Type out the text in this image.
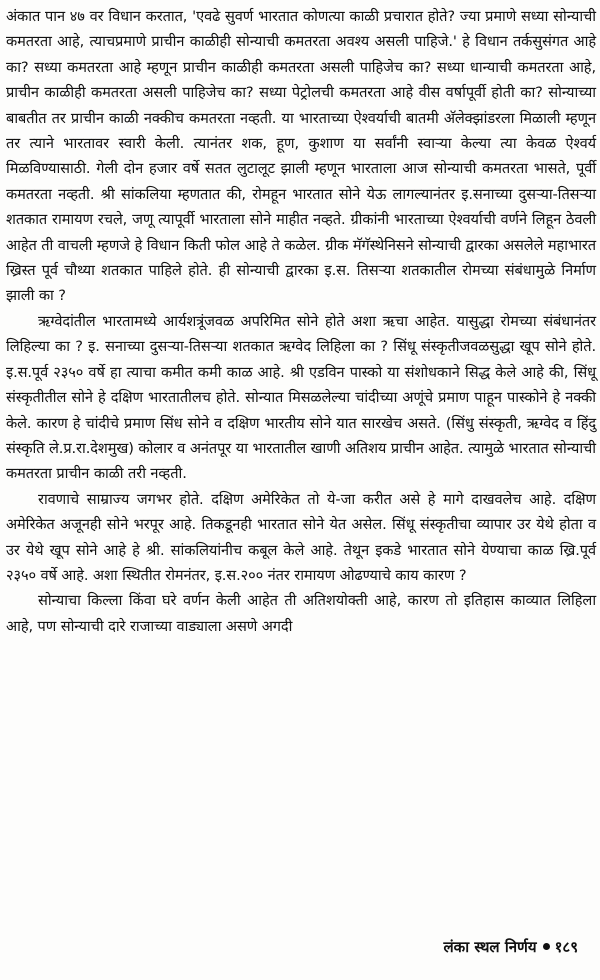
अंकात पान ४७ वर विधान करतात, 'एवढे सुवर्ण भारतात कोणत्या काळी प्रचारात होते? ज्या प्रमाणे सध्या सोन्याची कमतरता आहे, त्याचप्रमाणे प्राचीन काळीही सोन्याची कमतरता अवश्य असली पाहिजे.' हे विधान तर्कसुसंगत आहे का? सध्या कमतरता आहे म्हणून प्राचीन काळीही कमतरता असली पाहिजेच का? सध्या धान्याची कमतरता आहे, प्राचीन काळीही कमतरता असली पाहिजेच का? सध्या पेट्रोलची कमतरता आहे वीस वर्षापूर्वी होती का? सोन्याच्या बाबतीत तर प्राचीन काळी नक्कीच कमतरता नव्हती. या भारताच्या ऐश्वर्याची बातमी अ‍ॅलेक्झांडरला मिळाली म्हणून तर त्याने भारतावर स्वारी केली. त्यानंतर शक, हूण, कुशाण या सर्वांनी स्वाऱ्या केल्या त्या केवळ ऐश्वर्य मिळविण्यासाठी. गेली दोन हजार वर्षे सतत लुटालूट झाली म्हणून भारताला आज सोन्याची कमतरता भासते, पूर्वी कमतरता नव्हती. श्री सांकलिया म्हणतात की, रोमहून भारतात सोने येऊ लागल्यानंतर इ.सनाच्या दुसऱ्या-तिसऱ्या शतकात रामायण रचले, जणू त्यापूर्वी भारताला सोने माहीत नव्हते. ग्रीकांनी भारताच्या ऐश्वर्याची वर्णने लिहून ठेवली आहेत ती वाचली म्हणजे हे विधान किती फोल आहे ते कळेल. ग्रीक मॅगॅस्थेनिसने सोन्याची द्वारका असलेले महाभारत ख्रिस्त पूर्व चौथ्या शतकात पाहिले होते. ही सोन्याची द्वारका इ.स. तिसऱ्या शतकातील रोमच्या संबंधामुळे निर्माण झाली का ?

ऋग्वेदांतील भारतामध्ये आर्यशत्रूंजवळ अपरिमित सोने होते अशा ऋचा आहेत. यासुद्धा रोमच्या संबंधानंतर लिहिल्या का ? इ. सनाच्या दुसऱ्या-तिसऱ्या शतकात ऋग्वेद लिहिला का ? सिंधू संस्कृतीजवळसुद्धा खूप सोने होते. इ.स.पूर्व २३५० वर्षे हा त्याचा कमीत कमी काळ आहे. श्री एडविन पास्को या संशोधकाने सिद्ध केले आहे की, सिंधू संस्कृतीतील सोने हे दक्षिण भारतातीलच होते. सोन्यात मिसळलेल्या चांदीच्या अणूंचे प्रमाण पाहून पास्कोने हे नक्की केले. कारण हे चांदीचे प्रमाण सिंध सोने व दक्षिण भारतीय सोने यात सारखेच असते. (सिंधु संस्कृती, ऋग्वेद व हिंदु संस्कृति ले.प्र.रा.देशमुख) कोलार व अनंतपूर या भारतातील खाणी अतिशय प्राचीन आहेत. त्यामुळे भारतात सोन्याची कमतरता प्राचीन काळी तरी नव्हती.

रावणाचे साम्राज्य जगभर होते. दक्षिण अमेरिकेत तो ये-जा करीत असे हे मागे दाखवलेच आहे. दक्षिण अमेरिकेत अजूनही सोने भरपूर आहे. तिकडूनही भारतात सोने येत असेल. सिंधू संस्कृतीचा व्यापार उर येथे होता व उर येथे खूप सोने आहे हे श्री. सांकलियांनीच कबूल केले आहे. तेथून इकडे भारतात सोने येण्याचा काळ ख्रि.पूर्व २३५० वर्षे आहे. अशा स्थितीत रोमनंतर, इ.स.२०० नंतर रामायण ओढण्याचे काय कारण ?

सोन्याचा किल्ला किंवा घरे वर्णन केली आहेत ती अतिशयोक्ती आहे, कारण तो इतिहास काव्यात लिहिला आहे, पण सोन्याची दारे राजाच्या वाड्याला असणे अगदी

लंका स्थल निर्णय १८९
